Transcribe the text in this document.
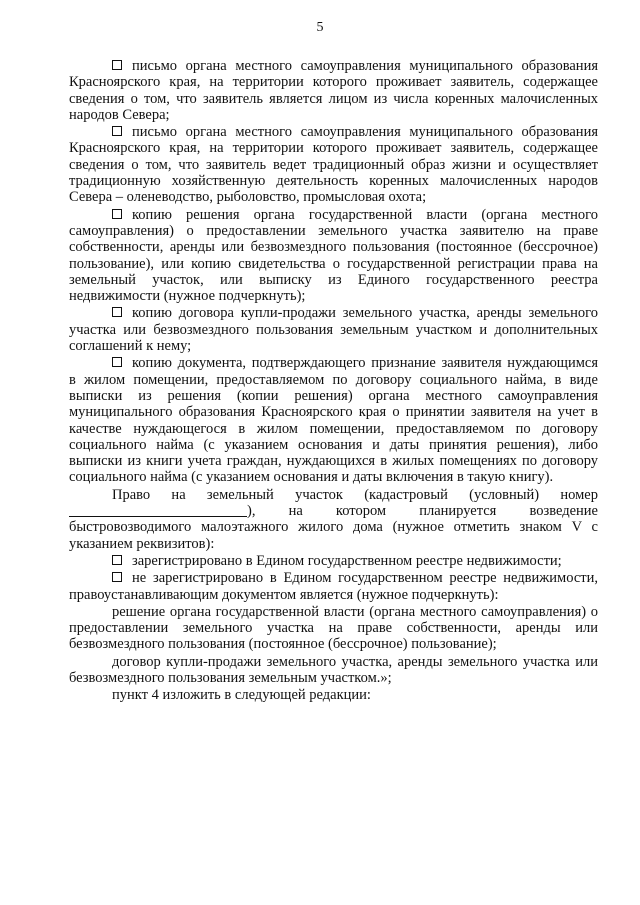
5

письмо органа местного самоуправления муниципального образования Красноярского края, на территории которого проживает заявитель, содержащее сведения о том, что заявитель является лицом из числа коренных малочисленных народов Севера;

письмо органа местного самоуправления муниципального образования Красноярского края, на территории которого проживает заявитель, содержащее сведения о том, что заявитель ведет традиционный образ жизни и осуществляет традиционную хозяйственную деятельность коренных малочисленных народов Севера – оленеводство, рыболовство, промысловая охота;

копию решения органа государственной власти (органа местного самоуправления) о предоставлении земельного участка заявителю на праве собственности, аренды или безвозмездного пользования (постоянное (бессрочное) пользование), или копию свидетельства о государственной регистрации права на земельный участок, или выписку из Единого государственного реестра недвижимости (нужное подчеркнуть);

копию договора купли-продажи земельного участка, аренды земельного участка или безвозмездного пользования земельным участком и дополнительных соглашений к нему;

копию документа, подтверждающего признание заявителя нуждающимся в жилом помещении, предоставляемом по договору социального найма, в виде выписки из решения (копии решения) органа местного самоуправления муниципального образования Красноярского края о принятии заявителя на учет в качестве нуждающегося в жилом помещении, предоставляемом по договору социального найма (с указанием основания и даты принятия решения), либо выписки из книги учета граждан, нуждающихся в жилых помещениях по договору социального найма (с указанием основания и даты включения в такую книгу).

Право на земельный участок (кадастровый (условный) номер ), на котором планируется возведение быстровозводимого малоэтажного жилого дома (нужное отметить знаком V с указанием реквизитов):

зарегистрировано в Едином государственном реестре недвижимости;

не зарегистрировано в Едином государственном реестре недвижимости, правоустанавливающим документом является (нужное подчеркнуть):

решение органа государственной власти (органа местного самоуправления) о предоставлении земельного участка на праве собственности, аренды или безвозмездного пользования (постоянное (бессрочное) пользование);

договор купли-продажи земельного участка, аренды земельного участка или безвозмездного пользования земельным участком.»;

пункт 4 изложить в следующей редакции:
